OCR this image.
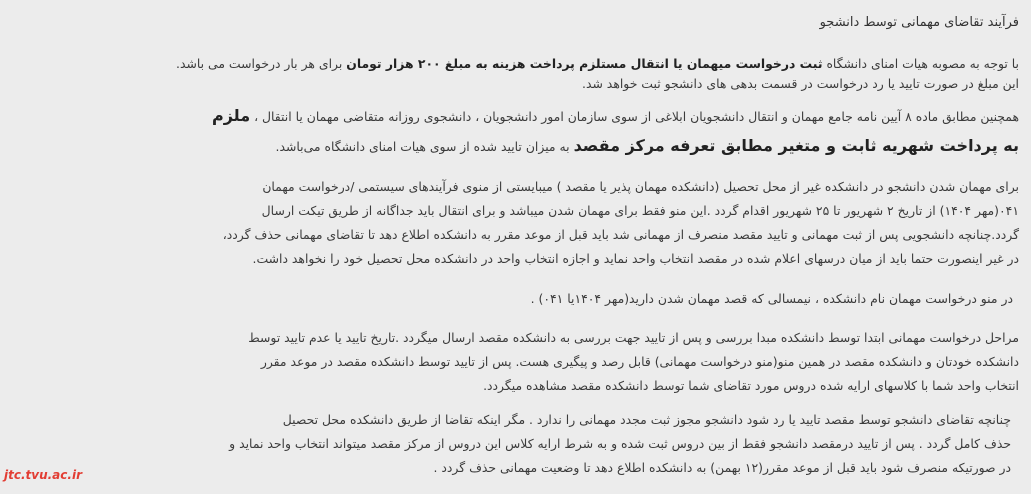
فرآیند تقاضای مهمانی توسط دانشجو
با توجه به مصوبه هیات امنای دانشگاه ثبت درخواست میهمان یا انتقال مستلزم پرداخت هزینه به مبلغ ۲۰۰ هزار تومان برای هر بار درخواست می باشد.
این مبلغ در صورت تایید یا رد درخواست در قسمت بدهی های دانشجو ثبت خواهد شد.
همچنین مطابق ماده ۸ آیین نامه جامع مهمان و انتقال دانشجویان ابلاغی از سوی سازمان امور دانشجویان ، دانشجوی روزانه متقاضی مهمان یا انتقال ، ملزم
به پرداخت شهریه ثابت و متغیر مطابق تعرفه مرکز مقصد به میزان تایید شده از سوی هیات امنای دانشگاه می‌باشد.
برای مهمان شدن دانشجو در دانشکده غیر از محل تحصیل (دانشکده مهمان پذیر یا مقصد ) میبایستی از منوی فرآیندهای سیستمی /درخواست مهمان
۰۴۱(مهر ۱۴۰۴) از تاریخ ۲ شهریور تا ۲۵ شهریور اقدام گردد .این منو فقط برای مهمان شدن میباشد و برای انتقال باید جداگانه از طریق تیکت ارسال
گردد.چنانچه دانشجویی پس از ثبت مهمانی و تایید مقصد منصرف از مهمانی شد باید قبل از موعد مقرر به دانشکده اطلاع دهد تا تقاضای مهمانی حذف گردد،
در غیر اینصورت حتما باید از میان درسهای اعلام شده در مقصد انتخاب واحد نماید و اجازه انتخاب واحد در دانشکده محل تحصیل خود را نخواهد داشت.
در منو درخواست مهمان نام دانشکده ، نیمسالی که قصد مهمان شدن دارید(مهر ۱۴۰۴یا ۰۴۱) .
مراحل درخواست مهمانی ابتدا توسط دانشکده مبدا بررسی و پس از تایید جهت بررسی به دانشکده مقصد ارسال میگردد .تاریخ تایید یا عدم تایید توسط
دانشکده خودتان و دانشکده مقصد در همین منو(منو درخواست مهمانی) قابل رصد و پیگیری هست. پس از تایید توسط دانشکده مقصد در موعد مقرر
انتخاب واحد شما با کلاسهای ارایه شده دروس مورد تقاضای شما توسط دانشکده مقصد مشاهده میگردد.
چنانچه تقاضای دانشجو توسط مقصد تایید یا رد شود دانشجو مجوز ثبت مجدد مهمانی را ندارد . مگر اینکه تقاضا از طریق دانشکده محل تحصیل
حذف کامل گردد . پس از تایید درمقصد دانشجو فقط از بین دروس ثبت شده و به شرط ارایه کلاس این دروس از مرکز مقصد میتواند انتخاب واحد نماید و
در صورتیکه منصرف شود باید قبل از موعد مقرر(۱۲ بهمن) به دانشکده اطلاع دهد تا وضعیت مهمانی حذف گردد .
jtc.tvu.ac.ir
